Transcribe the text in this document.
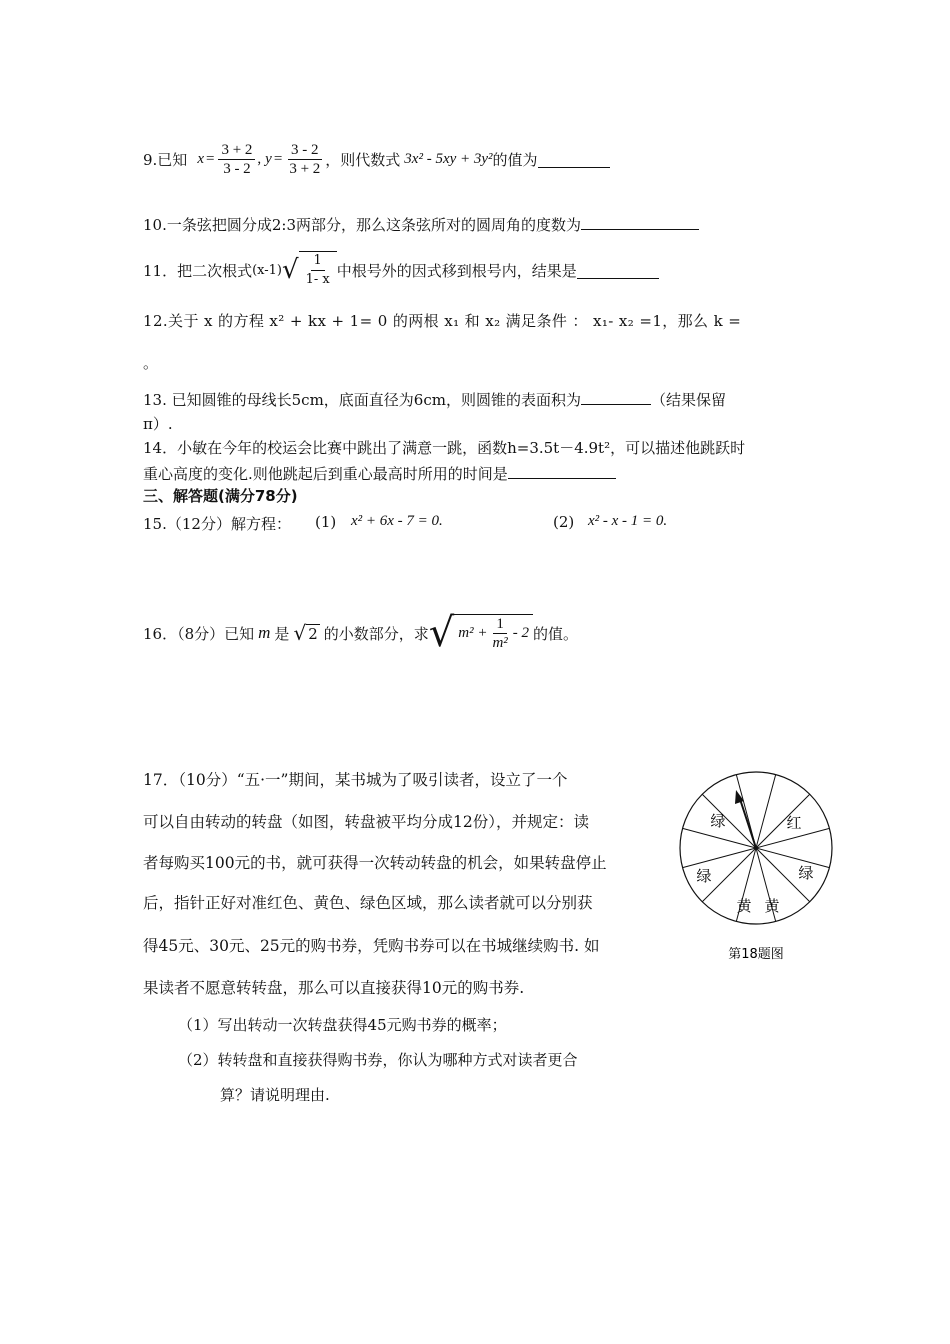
9.已知 $x = \frac{3 + 2}{3 - 2}$ , $y = \frac{3 - 2}{3 + 2}$ ，则代数式 3x² - 5xy + 3y² 的值为
10.一条弦把圆分成2:3两部分，那么这条弦所对的圆周角的度数为
11．把二次根式 (x-1) √ $\frac{1}{1- x}$ 中根号外的因式移到根号内，结果是
12.关于 x 的方程 x² + kx + 1= 0 的两根 x₁ 和 x₂ 满足条件 ： x₁- x₂ =1，那么 k =
。
13. 已知圆锥的母线长5cm，底面直径为6cm，则圆锥的表面积为	（结果保留
π）.
14．小敏在今年的校运会比赛中跳出了满意一跳，函数h=3.5t－4.9t²，可以描述他跳跃时
重心高度的变化.则他跳起后到重心最高时所用的时间是
三、解答题(满分78分)
15.（12分）解方程： (1) x² + 6x - 7 = 0.	(2) x² - x - 1 = 0.
16．（8分）已知 m 是 √ 2 的小数部分，求 √ $m^2 + \frac{1}{\text{m²}} - 2$ 的值。
17．（10分）“五·一”期间，某书城为了吸引读者，设立了一个
可以自由转动的转盘（如图，转盘被平均分成12份），并规定：读
者每购买100元的书，就可获得一次转动转盘的机会，如果转盘停止
后，指针正好对准红色、黄色、绿色区域，那么读者就可以分别获
得45元、30元、25元的购书券，凭购书券可以在书城继续购书. 如
果读者不愿意转转盘，那么可以直接获得10元的购书券.
（1）写出转动一次转盘获得45元购书券的概率；
（2）转转盘和直接获得购书券，你认为哪种方式对读者更合
算？请说明理由.
绿	红
绿	绿
黄 黄
第18题图
